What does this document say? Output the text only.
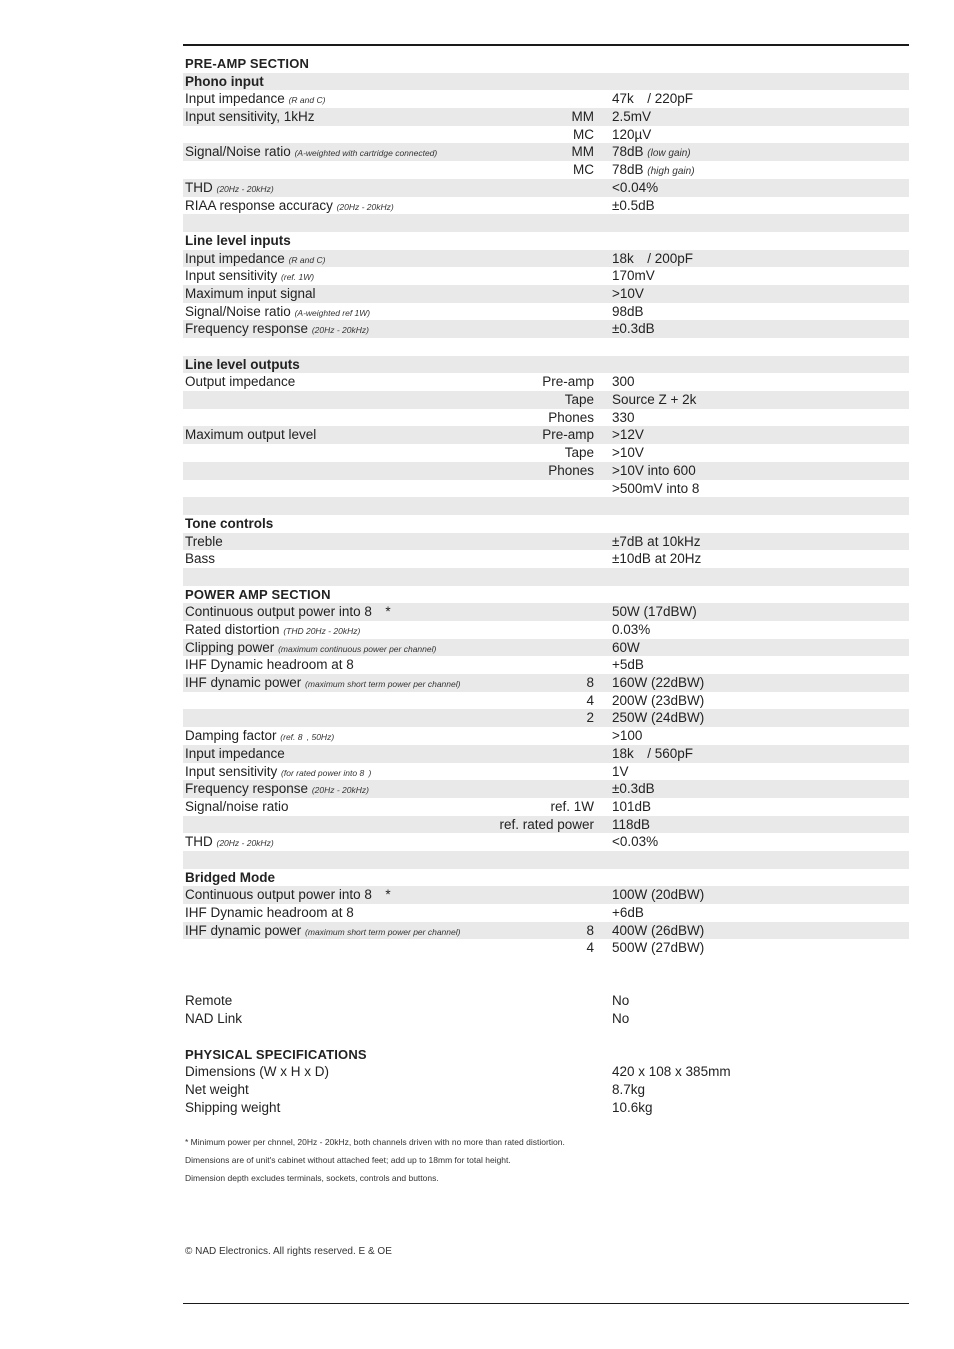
PRE-AMP SECTION
Phono input
Input impedance (R and C)	47k / 220pF
Input sensitivity, 1kHz	MM 2.5mV
MC 120µV
Signal/Noise ratio (A-weighted with cartridge connected)	MM 78dB (low gain)
MC 78dB (high gain)
THD (20Hz - 20kHz)	<0.04%
RIAA response accuracy (20Hz - 20kHz)	±0.5dB
Line level inputs
Input impedance (R and C)	18k / 200pF
Input sensitivity (ref. 1W)	170mV
Maximum input signal	>10V
Signal/Noise ratio (A-weighted ref 1W)	98dB
Frequency response (20Hz - 20kHz)	±0.3dB
Line level outputs
Output impedance	Pre-amp 300
Tape Source Z + 2k
Phones 330
Maximum output level	Pre-amp >12V
Tape >10V
Phones >10V into 600
>500mV into 8
Tone controls
Treble	±7dB at 10kHz
Bass	±10dB at 20Hz
POWER AMP SECTION
Continuous output power into 8 *	50W (17dBW)
Rated distortion (THD 20Hz - 20kHz)	0.03%
Clipping power (maximum continuous power per channel)	60W
IHF Dynamic headroom at 8	+5dB
IHF dynamic power (maximum short term power per channel)	8 160W (22dBW)
4 200W (23dBW)
2 250W (24dBW)
Damping factor (ref. 8 , 50Hz)	>100
Input impedance	18k / 560pF
Input sensitivity (for rated power into 8 )	1V
Frequency response (20Hz - 20kHz)	±0.3dB
Signal/noise ratio	ref. 1W 101dB
ref. rated power 118dB
THD (20Hz - 20kHz)	<0.03%
Bridged Mode
Continuous output power into 8 *	100W (20dBW)
IHF Dynamic headroom at 8	+6dB
IHF dynamic power (maximum short term power per channel)	8 400W (26dBW)
4 500W (27dBW)
Remote	No
NAD Link	No
PHYSICAL SPECIFICATIONS
Dimensions (W x H x D)	420 x 108 x 385mm
Net weight	8.7kg
Shipping weight	10.6kg
* Minimum power per chnnel, 20Hz - 20kHz, both channels driven with no more than rated distiortion.
Dimensions are of unit's cabinet without attached feet; add up to 18mm for total height.
Dimension depth excludes terminals, sockets, controls and buttons.
© NAD Electronics. All rights reserved. E & OE
